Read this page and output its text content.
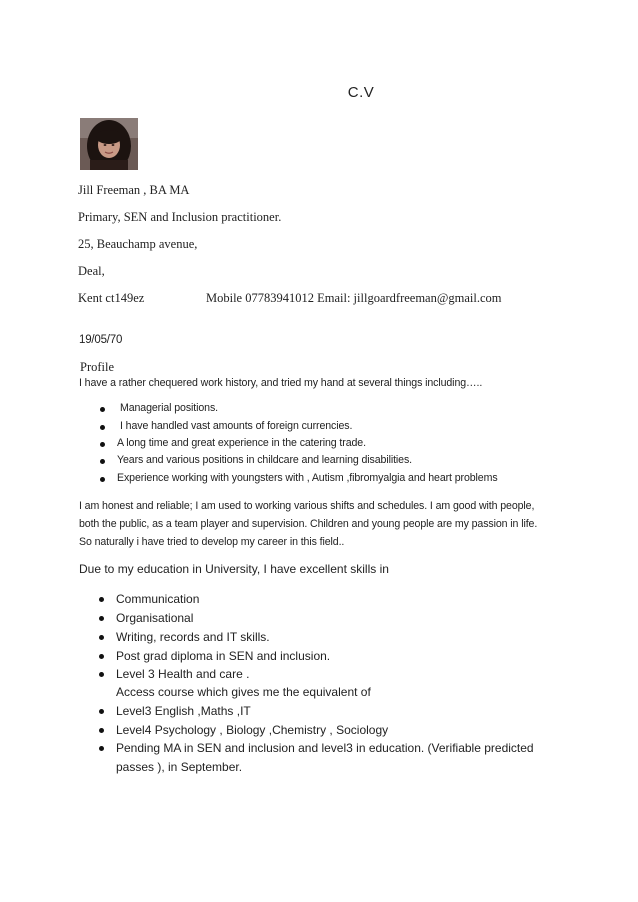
C.V
Jill Freeman , BA MA
Primary, SEN and Inclusion practitioner.
25, Beauchamp avenue,
Deal,
Kent ct149ez	Mobile 07783941012 Email: jillgoardfreeman@gmail.com
19/05/70
Profile
I have a rather chequered work history, and tried my hand at several things including…..
Managerial positions.
I have handled vast amounts of foreign currencies.
A long time and great experience in the catering trade.
Years and various positions in childcare and learning disabilities.
Experience working with youngsters with , Autism ,fibromyalgia and heart problems
I am honest and reliable; I am used to working various shifts and schedules. I am good with people,
both the public, as a team player and supervision. Children and young people are my passion in life.
So naturally i have tried to develop my career in this field..
Due to my education in University, I have excellent skills in
Communication
Organisational
Writing, records and IT skills.
Post grad diploma in SEN and inclusion.
Level 3 Health and care .
Access course which gives me the equivalent of
Level3 English ,Maths ,IT
Level4 Psychology , Biology ,Chemistry , Sociology
Pending MA in SEN and inclusion and level3 in education. (Verifiable predicted
passes ), in September.
